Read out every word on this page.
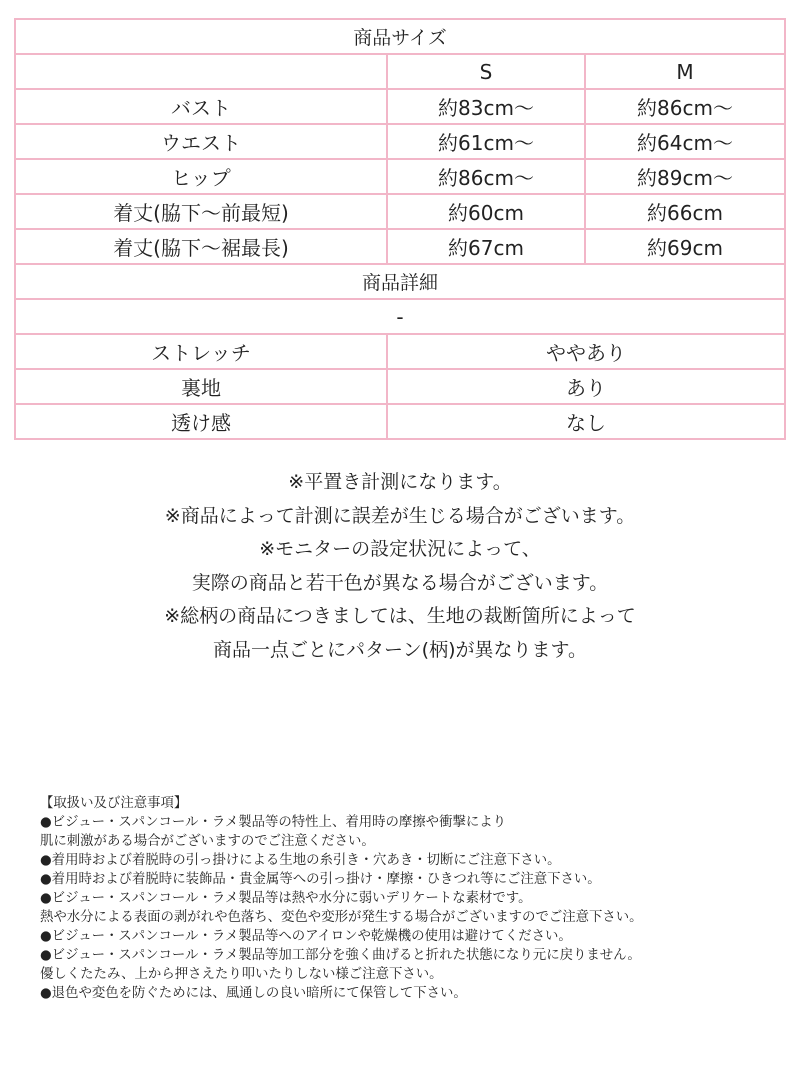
商品サイズ		
	S	M
バスト	約83cm～	約86cm～
ウエスト	約61cm～	約64cm～
ヒップ	約86cm～	約89cm～
着丈(脇下～前最短)	約60cm	約66cm
着丈(脇下～裾最長)	約67cm	約69cm
商品詳細		
-		
ストレッチ	ややあり	
裏地	あり	
透け感	なし	
※平置き計測になります。
※商品によって計測に誤差が生じる場合がございます。
※モニターの設定状況によって、
実際の商品と若干色が異なる場合がございます。
※総柄の商品につきましては、生地の裁断箇所によって
商品一点ごとにパターン(柄)が異なります。
【取扱い及び注意事項】
●ビジュー・スパンコール・ラメ製品等の特性上、着用時の摩擦や衝撃により
肌に刺激がある場合がございますのでご注意ください。
●着用時および着脱時の引っ掛けによる生地の糸引き・穴あき・切断にご注意下さい。
●着用時および着脱時に装飾品・貴金属等への引っ掛け・摩擦・ひきつれ等にご注意下さい。
●ビジュー・スパンコール・ラメ製品等は熱や水分に弱いデリケートな素材です。
熱や水分による表面の剥がれや色落ち、変色や変形が発生する場合がございますのでご注意下さい。
●ビジュー・スパンコール・ラメ製品等へのアイロンや乾燥機の使用は避けてください。
●ビジュー・スパンコール・ラメ製品等加工部分を強く曲げると折れた状態になり元に戻りません。
優しくたたみ、上から押さえたり叩いたりしない様ご注意下さい。
●退色や変色を防ぐためには、風通しの良い暗所にて保管して下さい。
